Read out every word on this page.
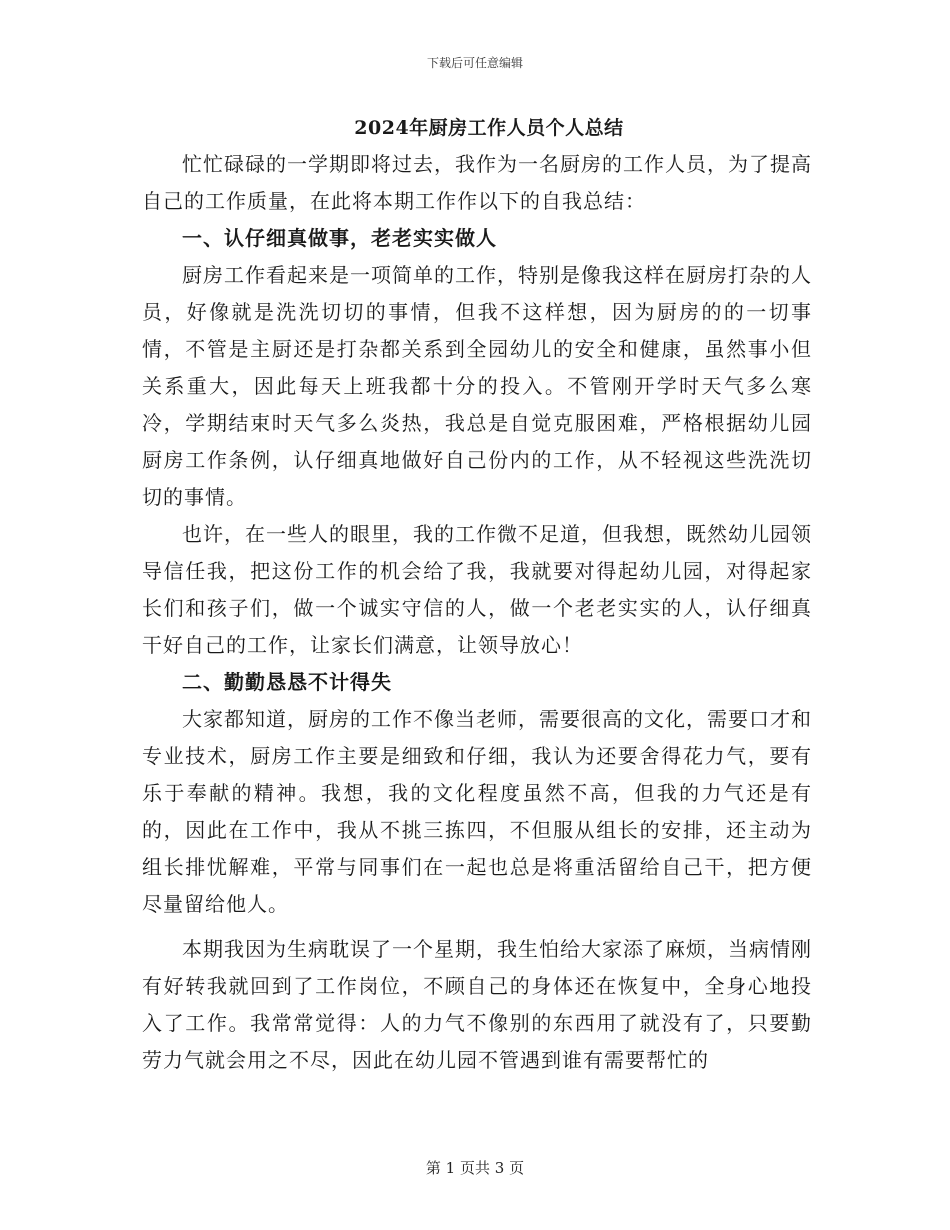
下载后可任意编辑
2024年厨房工作人员个人总结

忙忙碌碌的一学期即将过去，我作为一名厨房的工作人员，为了提高自己的工作质量，在此将本期工作作以下的自我总结：

一、认仔细真做事，老老实实做人

厨房工作看起来是一项简单的工作，特别是像我这样在厨房打杂的人员，好像就是洗洗切切的事情，但我不这样想，因为厨房的的一切事情，不管是主厨还是打杂都关系到全园幼儿的安全和健康，虽然事小但关系重大，因此每天上班我都十分的投入。不管刚开学时天气多么寒冷，学期结束时天气多么炎热，我总是自觉克服困难，严格根据幼儿园厨房工作条例，认仔细真地做好自己份内的工作，从不轻视这些洗洗切切的事情。

也许，在一些人的眼里，我的工作微不足道，但我想，既然幼儿园领导信任我，把这份工作的机会给了我，我就要对得起幼儿园，对得起家长们和孩子们，做一个诚实守信的人，做一个老老实实的人，认仔细真干好自己的工作，让家长们满意，让领导放心！

二、勤勤恳恳不计得失

大家都知道，厨房的工作不像当老师，需要很高的文化，需要口才和专业技术，厨房工作主要是细致和仔细，我认为还要舍得花力气，要有乐于奉献的精神。我想，我的文化程度虽然不高，但我的力气还是有的，因此在工作中，我从不挑三拣四，不但服从组长的安排，还主动为组长排忧解难，平常与同事们在一起也总是将重活留给自己干，把方便尽量留给他人。

本期我因为生病耽误了一个星期，我生怕给大家添了麻烦，当病情刚有好转我就回到了工作岗位，不顾自己的身体还在恢复中，全身心地投入了工作。我常常觉得：人的力气不像别的东西用了就没有了，只要勤劳力气就会用之不尽，因此在幼儿园不管遇到谁有需要帮忙的

第 1 页共 3 页
